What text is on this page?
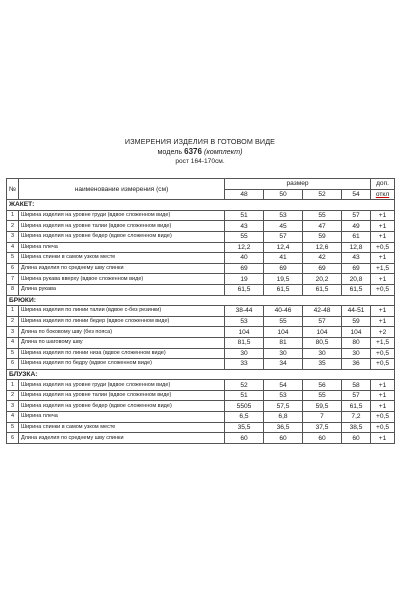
ИЗМЕРЕНИЯ ИЗДЕЛИЯ В ГОТОВОМ ВИДЕ
модель 6376 (комплект)
рост 164-170см.
№	наименование измерения (см)	размер				доп.
		48	50	52	54	откл
ЖАКЕТ:						
1	Ширина изделия на уровне груди (вдвое сложенном виде)	51	53	55	57	+1
2	Ширина изделия на уровне талии (вдвое сложенном виде)	43	45	47	49	+1
3	Ширина изделия на уровне бедер (вдвое сложенном виде)	55	57	59	61	+1
4	Ширина плеча	12,2	12,4	12,6	12,8	+0,5
5	Ширина спинки в самом узком месте	40	41	42	43	+1
6	Длина изделия по среднему шву спинки	69	69	69	69	+1,5
7	Ширина рукава вверху (вдвое сложенном виде)	19	19,5	20,2	20,8	+1
8	Длина рукава	61,5	61,5	61,5	61,5	+0,5
БРЮКИ:						
1	Ширина изделия по линии талии (вдвое с-без резинки)	38-44	40-46	42-48	44-51	+1
2	Ширина изделия по линии бедер (вдвое сложенном виде)	53	55	57	59	+1
3	Длина по боковому шву (без пояса)	104	104	104	104	+2
4	Длина по шаговому шву	81,5	81	80,5	80	+1,5
5	Ширина изделия по линии низа (вдвое сложенном виде)	30	30	30	30	+0,5
6	Ширина изделия по бедру (вдвое сложенном виде)	33	34	35	36	+0,5
БЛУЗКА:						
1	Ширина изделия на уровне груди (вдвое сложенном виде)	52	54	56	58	+1
2	Ширина изделия на уровне талии (вдвое сложенном виде)	51	53	55	57	+1
3	Ширина изделия на уровне бедер (вдвое сложенном виде)	5505	57,5	59,5	61,5	+1
4	Ширина плеча	6,5	6,8	7	7,2	+0,5
5	Ширина спинки в самом узком месте	35,5	36,5	37,5	38,5	+0,5
6	Длина изделия по среднему шву спинки	60	60	60	60	+1
